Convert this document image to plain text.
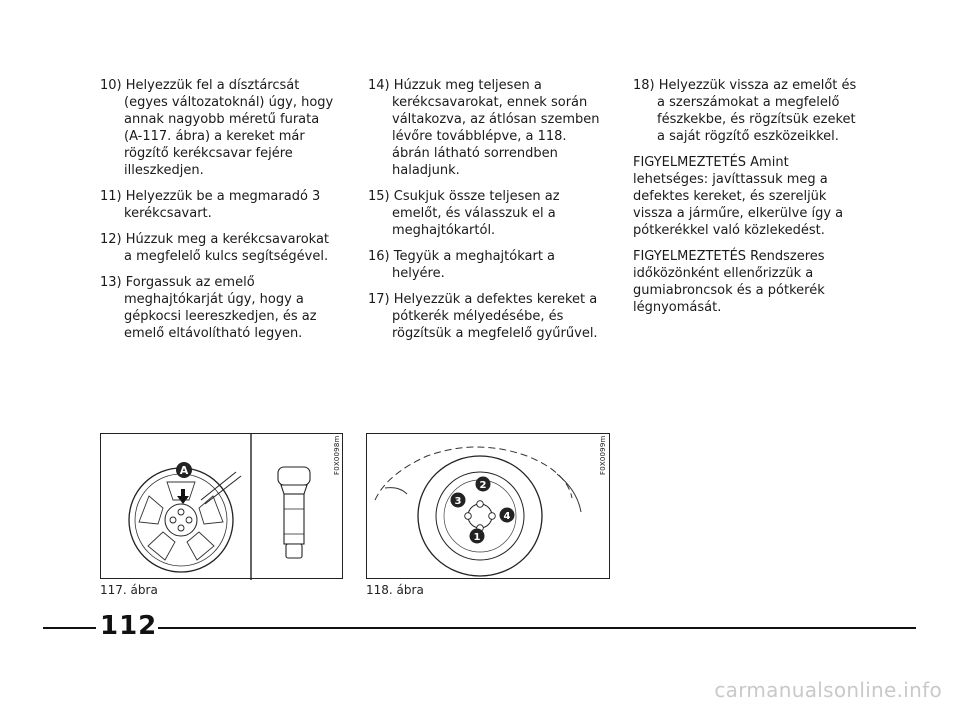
10) Helyezzük fel a dísztárcsát (egyes változatoknál) úgy, hogy annak nagyobb méretű furata (A-117. ábra) a kereket már rögzítő kerékcsavar fejére illeszkedjen.

11) Helyezzük be a megmaradó 3 kerékcsavart.

12) Húzzuk meg a kerékcsavarokat a megfelelő kulcs segítségével.

13) Forgassuk az emelő meghajtókarját úgy, hogy a gépkocsi leereszkedjen, és az emelő eltávolítható legyen.

14) Húzzuk meg teljesen a kerékcsavarokat, ennek során váltakozva, az átlósan szemben lévőre továbblépve, a 118. ábrán látható sorrendben haladjunk.

15) Csukjuk össze teljesen az emelőt, és válasszuk el a meghajtókartól.

16) Tegyük a meghajtókart a helyére.

17) Helyezzük a defektes kereket a pótkerék mélyedésébe, és rögzítsük a megfelelő gyűrűvel.

18) Helyezzük vissza az emelőt és a szerszámokat a megfelelő fészkekbe, és rögzítsük ezeket a saját rögzítő eszközeikkel.

FIGYELMEZTETÉS Amint lehetséges: javíttassuk meg a defektes kereket, és szereljük vissza a járműre, elkerülve így a pótkerékkel való közlekedést.

FIGYELMEZTETÉS Rendszeres időközönként ellenőrizzük a gumiabroncsok és a pótkerék légnyomását.

A	F0X0098m
2
3
4
1
F0X0099m
117. ábra	118. ábra
112
carmanualsonline.info
